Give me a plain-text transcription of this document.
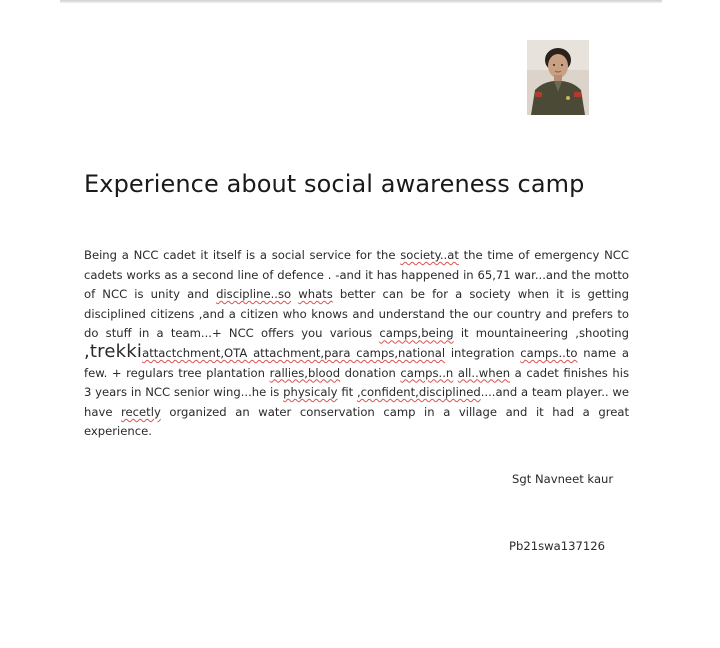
Experience about social awareness camp

Being a NCC cadet it itself is a social service for the society..at the time of emergency NCC cadets works as a second line of defence . -and it has happened in 65,71 war...and the motto of NCC is unity and discipline..so whats better can be for a society when it is getting disciplined citizens ,and a citizen who knows and understand the our country and prefers to do stuff in a team...+ NCC offers you various camps,being it mountaineering ,shooting ,trekkiattactchment,OTA attachment,para camps,national integration camps..to name a few. + regulars tree plantation rallies,blood donation camps..n all..when a cadet finishes his 3 years in NCC senior wing...he is physicaly fit ,confident,disciplined....and a team player.. we have recetly organized an water conservation camp in a village and it had a great experience.

Sgt Navneet kaur

Pb21swa137126
